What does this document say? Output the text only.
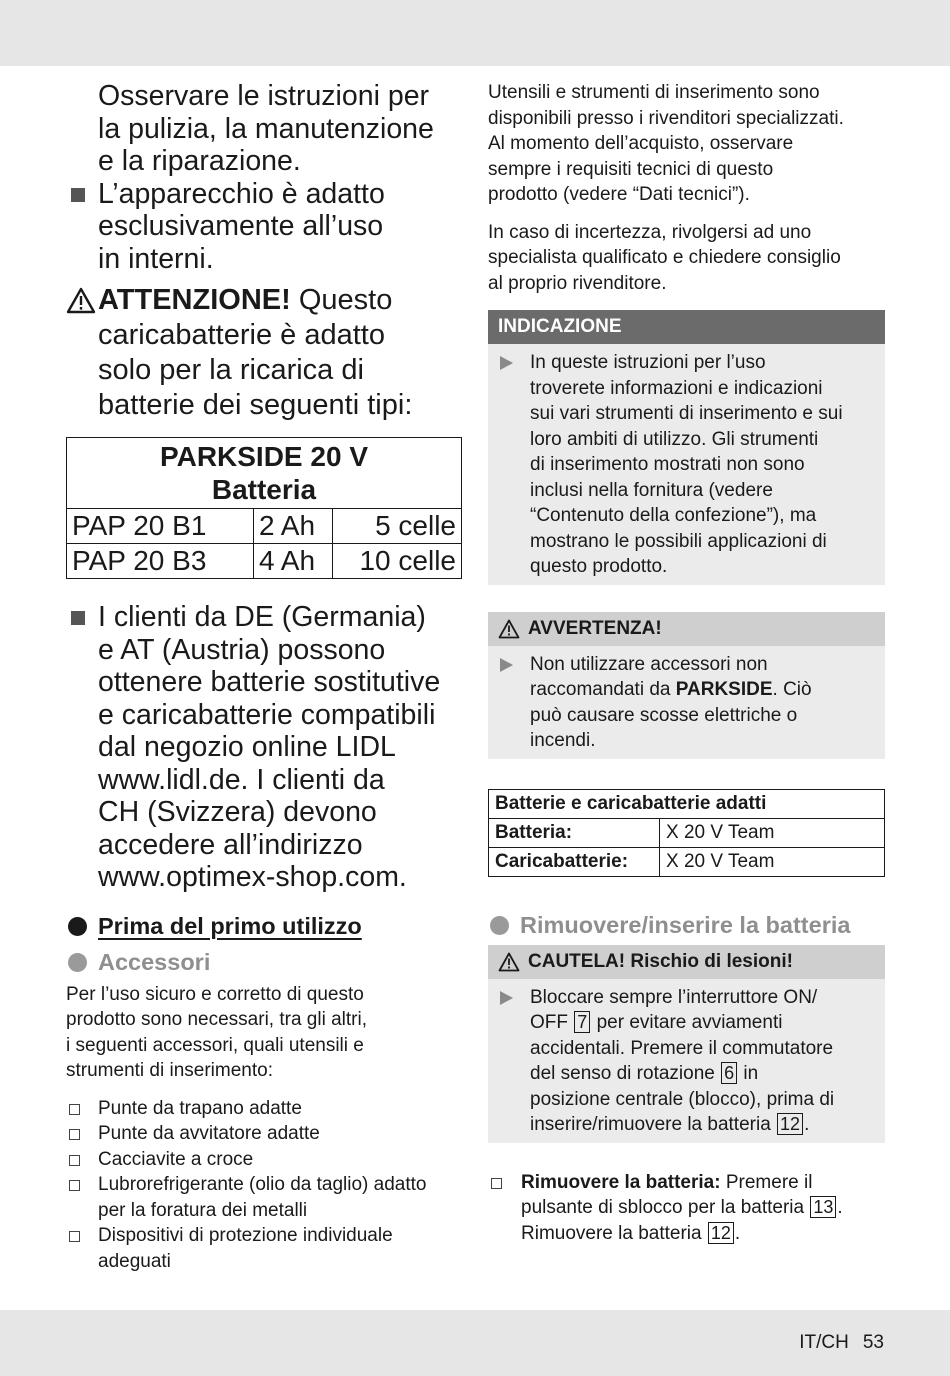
Osservare le istruzioni per
la pulizia, la manutenzione
e la riparazione.
L’apparecchio è adatto
esclusivamente all’uso
in interni.
ATTENZIONE! Questo
caricabatterie è adatto
solo per la ricarica di
batterie dei seguenti tipi:
PARKSIDE 20 V
Batteria		

PAP 20 B1	2 Ah	5 celle
PAP 20 B3	4 Ah	10 celle
I clienti da DE (Germania)
e AT (Austria) possono
ottenere batterie sostitutive
e caricabatterie compatibili
dal negozio online LIDL
www.lidl.de. I clienti da
CH (Svizzera) devono
accedere all’indirizzo
www.optimex-shop.com.
Prima del primo utilizzo
Accessori
Per l’uso sicuro e corretto di questo
prodotto sono necessari, tra gli altri,
i seguenti accessori, quali utensili e
strumenti di inserimento:
Punte da trapano adatte
Punte da avvitatore adatte
Cacciavite a croce
Lubrorefrigerante (olio da taglio) adatto
per la foratura dei metalli
Dispositivi di protezione individuale
adeguati
Utensili e strumenti di inserimento sono
disponibili presso i rivenditori specializzati.
Al momento dell’acquisto, osservare
sempre i requisiti tecnici di questo
prodotto (vedere “Dati tecnici”).
In caso di incertezza, rivolgersi ad uno
specialista qualificato e chiedere consiglio
al proprio rivenditore.
INDICAZIONE
In queste istruzioni per l’uso
troverete informazioni e indicazioni
sui vari strumenti di inserimento e sui
loro ambiti di utilizzo. Gli strumenti
di inserimento mostrati non sono
inclusi nella fornitura (vedere
“Contenuto della confezione”), ma
mostrano le possibili applicazioni di
questo prodotto.
AVVERTENZA!
Non utilizzare accessori non
raccomandati da PARKSIDE. Ciò
può causare scosse elettriche o
incendi.
Batterie e caricabatterie adatti	
Batteria:	X 20 V Team
Caricabatterie:	X 20 V Team
Rimuovere/inserire la batteria
CAUTELA! Rischio di lesioni!
Bloccare sempre l’interruttore ON/
OFF 7 per evitare avviamenti
accidentali. Premere il commutatore
del senso di rotazione 6 in
posizione centrale (blocco), prima di
inserire/rimuovere la batteria 12 .
Rimuovere la batteria: Premere il
pulsante di sblocco per la batteria 13 .
Rimuovere la batteria 12 .
IT/CH 53
